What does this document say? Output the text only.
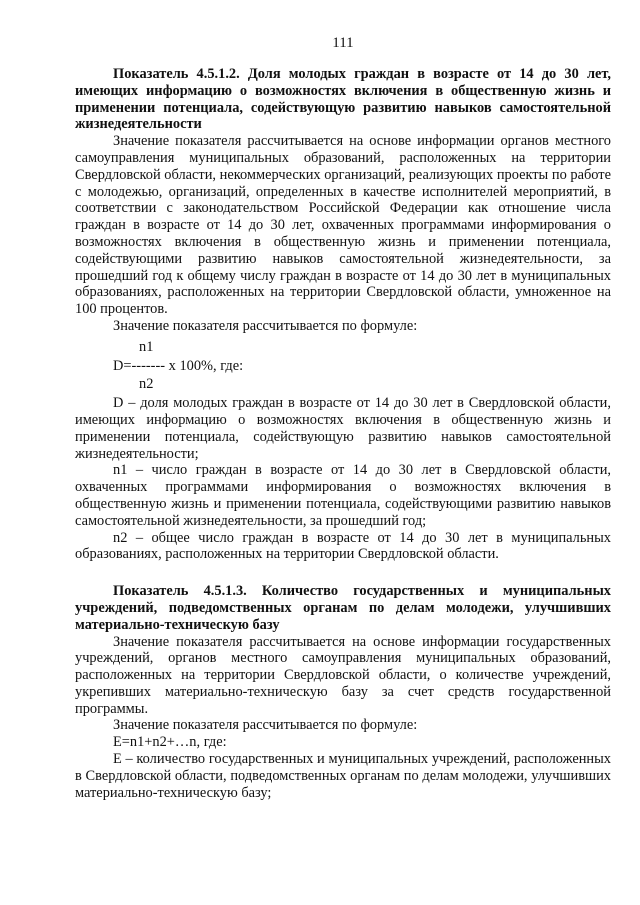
111

Показатель 4.5.1.2. Доля молодых граждан в возрасте от 14 до 30 лет, имеющих информацию о возможностях включения в общественную жизнь и применении потенциала, содействующую развитию навыков самостоятельной жизнедеятельности

Значение показателя рассчитывается на основе информации органов местного самоуправления муниципальных образований, расположенных на территории Свердловской области, некоммерческих организаций, реализующих проекты по работе с молодежью, организаций, определенных в качестве исполнителей мероприятий, в соответствии с законодательством Российской Федерации как отношение числа граждан в возрасте от 14 до 30 лет, охваченных программами информирования о возможностях включения в общественную жизнь и применении потенциала, содействующими развитию навыков самостоятельной жизнедеятельности, за прошедший год к общему числу граждан в возрасте от 14 до 30 лет в муниципальных образованиях, расположенных на территории Свердловской области, умноженное на 100 процентов.

Значение показателя рассчитывается по формуле:

n1

D=------- x 100%, где:

n2

D – доля молодых граждан в возрасте от 14 до 30 лет в Свердловской области, имеющих информацию о возможностях включения в общественную жизнь и применении потенциала, содействующую развитию навыков самостоятельной жизнедеятельности;

n1 – число граждан в возрасте от 14 до 30 лет в Свердловской области, охваченных программами информирования о возможностях включения в общественную жизнь и применении потенциала, содействующими развитию навыков самостоятельной жизнедеятельности, за прошедший год;

n2 – общее число граждан в возрасте от 14 до 30 лет в муниципальных образованиях, расположенных на территории Свердловской области.

Показатель 4.5.1.3. Количество государственных и муниципальных учреждений, подведомственных органам по делам молодежи, улучшивших материально-техническую базу

Значение показателя рассчитывается на основе информации государственных учреждений, органов местного самоуправления муниципальных образований, расположенных на территории Свердловской области, о количестве учреждений, укрепивших материально-техническую базу за счет средств государственной программы.

Значение показателя рассчитывается по формуле:

E=n1+n2+…n, где:

E – количество государственных и муниципальных учреждений, расположенных в Свердловской области, подведомственных органам по делам молодежи, улучшивших материально-техническую базу;
